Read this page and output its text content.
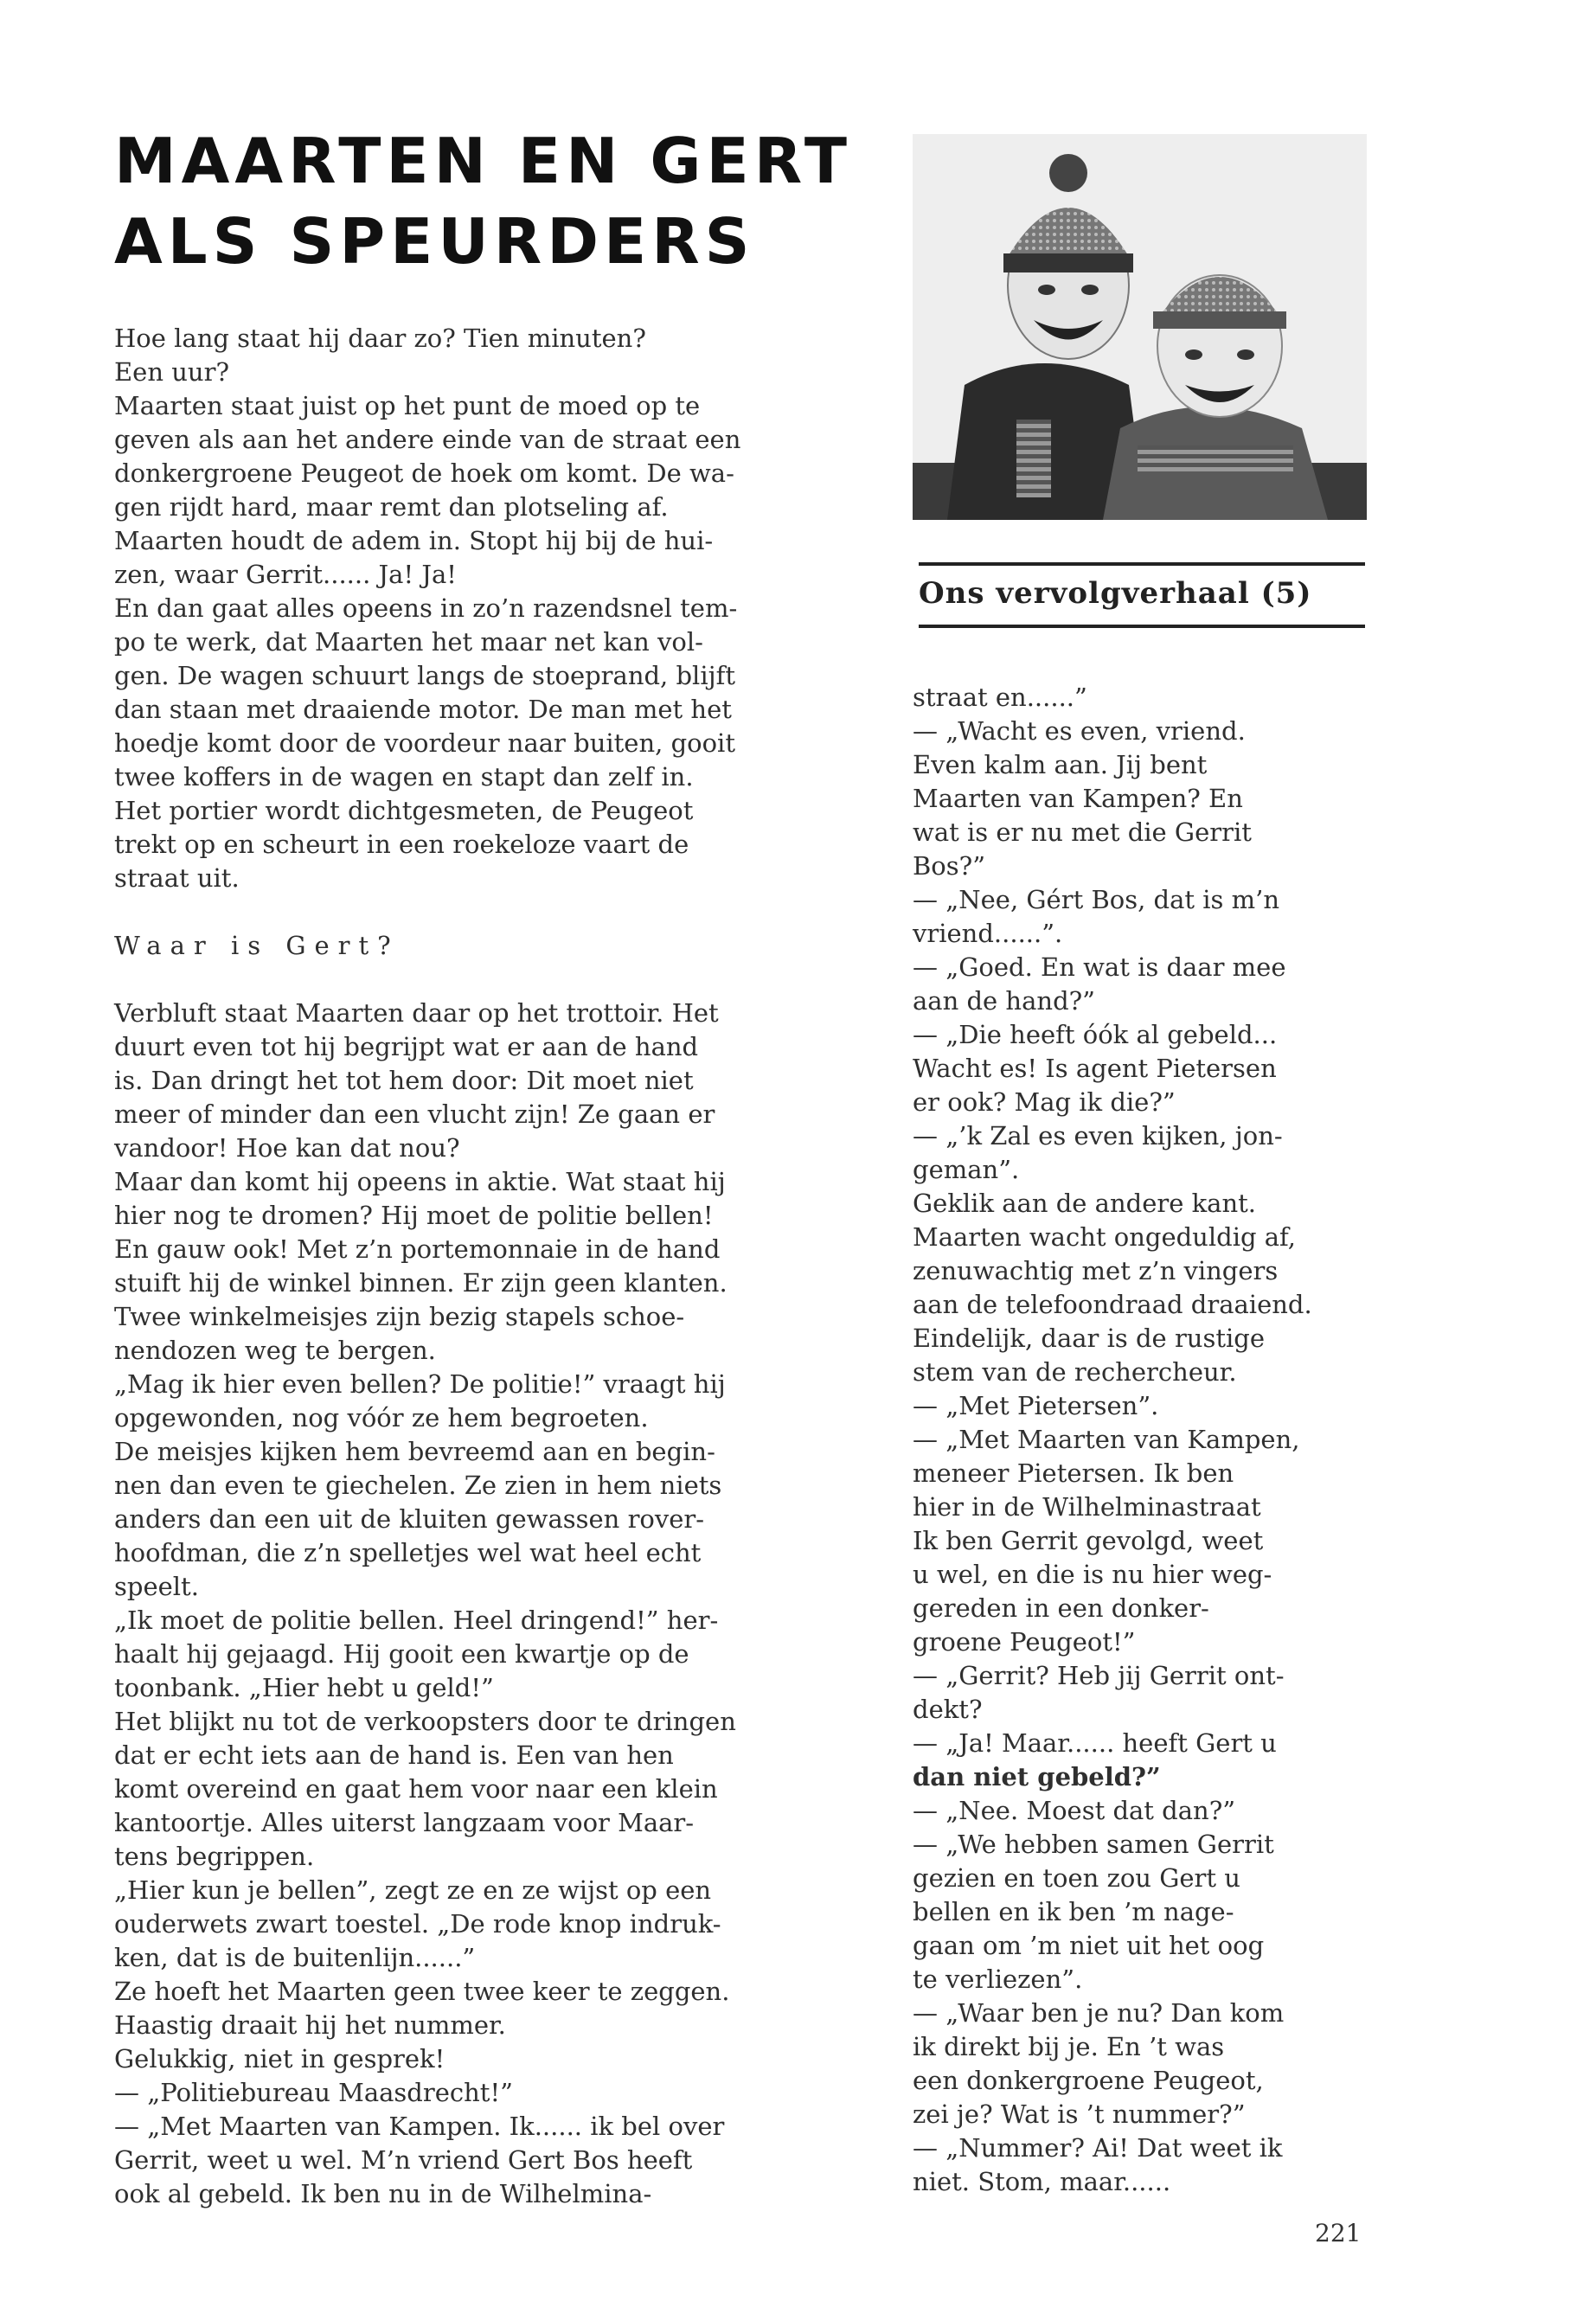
MAARTEN EN GERT
ALS SPEURDERS
Ons vervolgverhaal (5)

Hoe lang staat hij daar zo? Tien minuten?

Een uur?

Maarten staat juist op het punt de moed op te

geven als aan het andere einde van de straat een

donkergroene Peugeot de hoek om komt. De wa-

gen rijdt hard, maar remt dan plotseling af.

Maarten houdt de adem in. Stopt hij bij de hui-

zen, waar Gerrit...... Ja! Ja!

En dan gaat alles opeens in zo’n razendsnel tem-

po te werk, dat Maarten het maar net kan vol-

gen. De wagen schuurt langs de stoeprand, blijft

dan staan met draaiende motor. De man met het

hoedje komt door de voordeur naar buiten, gooit

twee koffers in de wagen en stapt dan zelf in.

Het portier wordt dichtgesmeten, de Peugeot

trekt op en scheurt in een roekeloze vaart de

straat uit.

Waar is Gert?

Verbluft staat Maarten daar op het trottoir. Het

duurt even tot hij begrijpt wat er aan de hand

is. Dan dringt het tot hem door: Dit moet niet

meer of minder dan een vlucht zijn! Ze gaan er

vandoor! Hoe kan dat nou?

Maar dan komt hij opeens in aktie. Wat staat hij

hier nog te dromen? Hij moet de politie bellen!

En gauw ook! Met z’n portemonnaie in de hand

stuift hij de winkel binnen. Er zijn geen klanten.

Twee winkelmeisjes zijn bezig stapels schoe-

nendozen weg te bergen.

„Mag ik hier even bellen? De politie!” vraagt hij

opgewonden, nog vóór ze hem begroeten.

De meisjes kijken hem bevreemd aan en begin-

nen dan even te giechelen. Ze zien in hem niets

anders dan een uit de kluiten gewassen rover-

hoofdman, die z’n spelletjes wel wat heel echt

speelt.

„Ik moet de politie bellen. Heel dringend!” her-

haalt hij gejaagd. Hij gooit een kwartje op de

toonbank. „Hier hebt u geld!”

Het blijkt nu tot de verkoopsters door te dringen

dat er echt iets aan de hand is. Een van hen

komt overeind en gaat hem voor naar een klein

kantoortje. Alles uiterst langzaam voor Maar-

tens begrippen.

„Hier kun je bellen”, zegt ze en ze wijst op een

ouderwets zwart toestel. „De rode knop indruk-

ken, dat is de buitenlijn......”

Ze hoeft het Maarten geen twee keer te zeggen.

Haastig draait hij het nummer.

Gelukkig, niet in gesprek!

— „Politiebureau Maasdrecht!”

— „Met Maarten van Kampen. Ik...... ik bel over

Gerrit, weet u wel. M’n vriend Gert Bos heeft

ook al gebeld. Ik ben nu in de Wilhelmina-

straat en......”

— „Wacht es even, vriend.

Even kalm aan. Jij bent

Maarten van Kampen? En

wat is er nu met die Gerrit

Bos?”

— „Nee, Gért Bos, dat is m’n

vriend......”.

— „Goed. En wat is daar mee

aan de hand?”

— „Die heeft óók al gebeld...

Wacht es! Is agent Pietersen

er ook? Mag ik die?”

— „’k Zal es even kijken, jon-

geman”.

Geklik aan de andere kant.

Maarten wacht ongeduldig af,

zenuwachtig met z’n vingers

aan de telefoondraad draaiend.

Eindelijk, daar is de rustige

stem van de rechercheur.

— „Met Pietersen”.

— „Met Maarten van Kampen,

meneer Pietersen. Ik ben

hier in de Wilhelminastraat

Ik ben Gerrit gevolgd, weet

u wel, en die is nu hier weg-

gereden in een donker-

groene Peugeot!”

— „Gerrit? Heb jij Gerrit ont-

dekt?

— „Ja! Maar...... heeft Gert u

dan niet gebeld?”

— „Nee. Moest dat dan?”

— „We hebben samen Gerrit

gezien en toen zou Gert u

bellen en ik ben ’m nage-

gaan om ’m niet uit het oog

te verliezen”.

— „Waar ben je nu? Dan kom

ik direkt bij je. En ’t was

een donkergroene Peugeot,

zei je? Wat is ’t nummer?”

— „Nummer? Ai! Dat weet ik

niet. Stom, maar......

221
